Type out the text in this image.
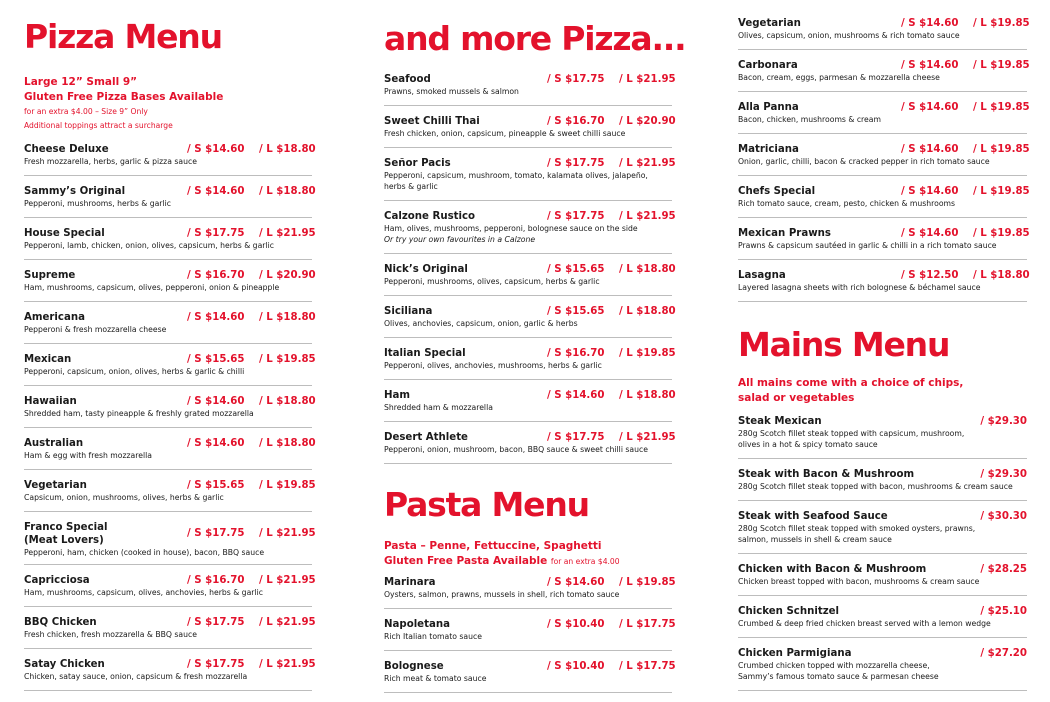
Pizza Menu
Large 12” Small 9”
Gluten Free Pizza Bases Available
for an extra $4.00 – Size 9” Only
Additional toppings attract a surcharge
Cheese Deluxe	/ S $14.60 / L $18.80
Fresh mozzarella, herbs, garlic & pizza sauce
Sammy’s Original	/ S $14.60 / L $18.80
Pepperoni, mushrooms, herbs & garlic
House Special	/ S $17.75 / L $21.95
Pepperoni, lamb, chicken, onion, olives, capsicum, herbs & garlic
Supreme	/ S $16.70 / L $20.90
Ham, mushrooms, capsicum, olives, pepperoni, onion & pineapple
Americana	/ S $14.60 / L $18.80
Pepperoni & fresh mozzarella cheese
Mexican	/ S $15.65 / L $19.85
Pepperoni, capsicum, onion, olives, herbs & garlic & chilli
Hawaiian	/ S $14.60 / L $18.80
Shredded ham, tasty pineapple & freshly grated mozzarella
Australian	/ S $14.60 / L $18.80
Ham & egg with fresh mozzarella
Vegetarian	/ S $15.65 / L $19.85
Capsicum, onion, mushrooms, olives, herbs & garlic
Franco Special
(Meat Lovers)
/ S $17.75 / L $21.95
Pepperoni, ham, chicken (cooked in house), bacon, BBQ sauce
Capricciosa	/ S $16.70 / L $21.95
Ham, mushrooms, capsicum, olives, anchovies, herbs & garlic
BBQ Chicken	/ S $17.75 / L $21.95
Fresh chicken, fresh mozzarella & BBQ sauce
Satay Chicken	/ S $17.75 / L $21.95
Chicken, satay sauce, onion, capsicum & fresh mozzarella
and more Pizza...
Seafood	/ S $17.75 / L $21.95
Prawns, smoked mussels & salmon
Sweet Chilli Thai	/ S $16.70 / L $20.90
Fresh chicken, onion, capsicum, pineapple & sweet chilli sauce
Señor Pacis	/ S $17.75 / L $21.95
Pepperoni, capsicum, mushroom, tomato, kalamata olives, jalapeño,
herbs & garlic
Calzone Rustico	/ S $17.75 / L $21.95
Ham, olives, mushrooms, pepperoni, bolognese sauce on the side
Or try your own favourites in a Calzone
Nick’s Original	/ S $15.65 / L $18.80
Pepperoni, mushrooms, olives, capsicum, herbs & garlic
Siciliana	/ S $15.65 / L $18.80
Olives, anchovies, capsicum, onion, garlic & herbs
Italian Special	/ S $16.70 / L $19.85
Pepperoni, olives, anchovies, mushrooms, herbs & garlic
Ham	/ S $14.60 / L $18.80
Shredded ham & mozzarella
Desert Athlete	/ S $17.75 / L $21.95
Pepperoni, onion, mushroom, bacon, BBQ sauce & sweet chilli sauce
Pasta Menu
Pasta – Penne, Fettuccine, Spaghetti
Gluten Free Pasta Available for an extra $4.00
Marinara	/ S $14.60 / L $19.85
Oysters, salmon, prawns, mussels in shell, rich tomato sauce
Napoletana	/ S $10.40 / L $17.75
Rich Italian tomato sauce
Bolognese	/ S $10.40 / L $17.75
Rich meat & tomato sauce
Vegetarian	/ S $14.60 / L $19.85
Olives, capsicum, onion, mushrooms & rich tomato sauce
Carbonara	/ S $14.60 / L $19.85
Bacon, cream, eggs, parmesan & mozzarella cheese
Alla Panna	/ S $14.60 / L $19.85
Bacon, chicken, mushrooms & cream
Matriciana	/ S $14.60 / L $19.85
Onion, garlic, chilli, bacon & cracked pepper in rich tomato sauce
Chefs Special	/ S $14.60 / L $19.85
Rich tomato sauce, cream, pesto, chicken & mushrooms
Mexican Prawns	/ S $14.60 / L $19.85
Prawns & capsicum sautéed in garlic & chilli in a rich tomato sauce
Lasagna	/ S $12.50 / L $18.80
Layered lasagna sheets with rich bolognese & béchamel sauce
Mains Menu
All mains come with a choice of chips,
salad or vegetables
Steak Mexican	/ $29.30
280g Scotch fillet steak topped with capsicum, mushroom,
olives in a hot & spicy tomato sauce
Steak with Bacon & Mushroom	/ $29.30
280g Scotch fillet steak topped with bacon, mushrooms & cream sauce
Steak with Seafood Sauce	/ $30.30
280g Scotch fillet steak topped with smoked oysters, prawns,
salmon, mussels in shell & cream sauce
Chicken with Bacon & Mushroom	/ $28.25
Chicken breast topped with bacon, mushrooms & cream sauce
Chicken Schnitzel	/ $25.10
Crumbed & deep fried chicken breast served with a lemon wedge
Chicken Parmigiana	/ $27.20
Crumbed chicken topped with mozzarella cheese,
Sammy’s famous tomato sauce & parmesan cheese
